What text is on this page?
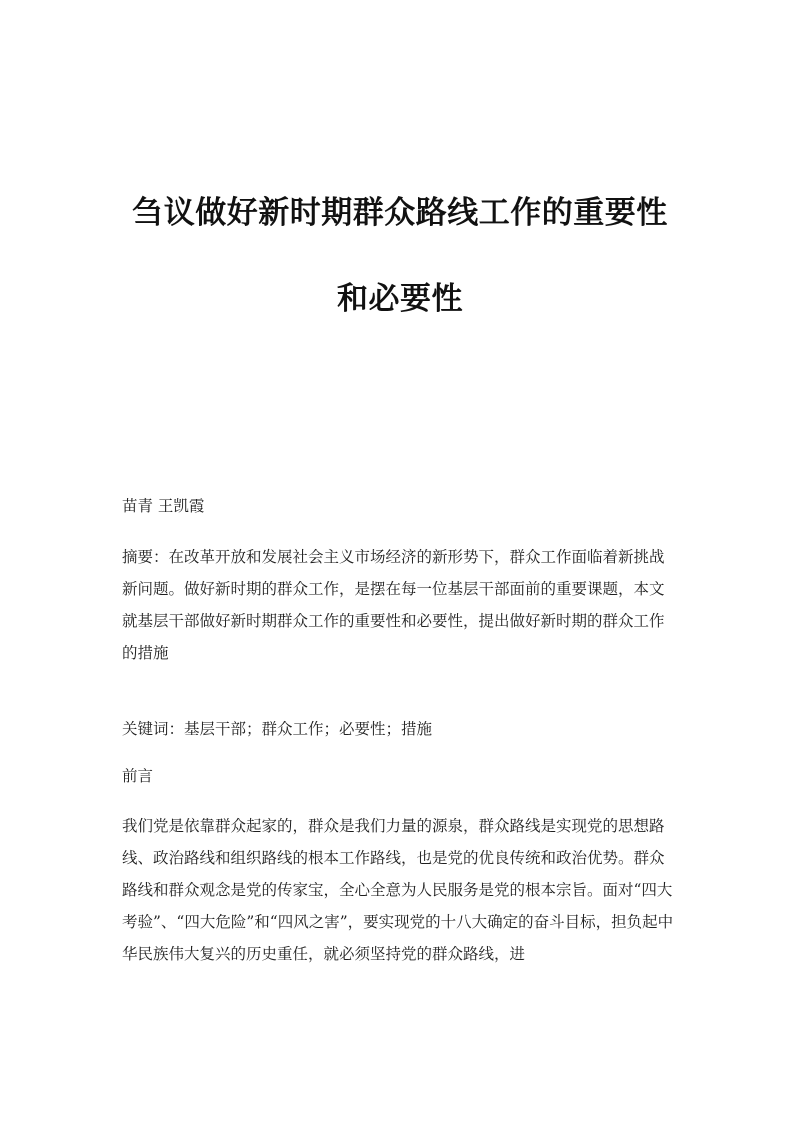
刍议做好新时期群众路线工作的重要性
和必要性

苗青 王凯霞

摘要：在改革开放和发展社会主义市场经济的新形势下，群众工作面临着新挑战新问题。做好新时期的群众工作，是摆在每一位基层干部面前的重要课题，本文就基层干部做好新时期群众工作的重要性和必要性，提出做好新时期的群众工作的措施

关键词：基层干部；群众工作；必要性；措施

前言

我们党是依靠群众起家的，群众是我们力量的源泉，群众路线是实现党的思想路线、政治路线和组织路线的根本工作路线，也是党的优良传统和政治优势。群众路线和群众观念是党的传家宝，全心全意为人民服务是党的根本宗旨。面对“四大考验”、“四大危险”和“四风之害”，要实现党的十八大确定的奋斗目标，担负起中华民族伟大复兴的历史重任，就必须坚持党的群众路线，进
